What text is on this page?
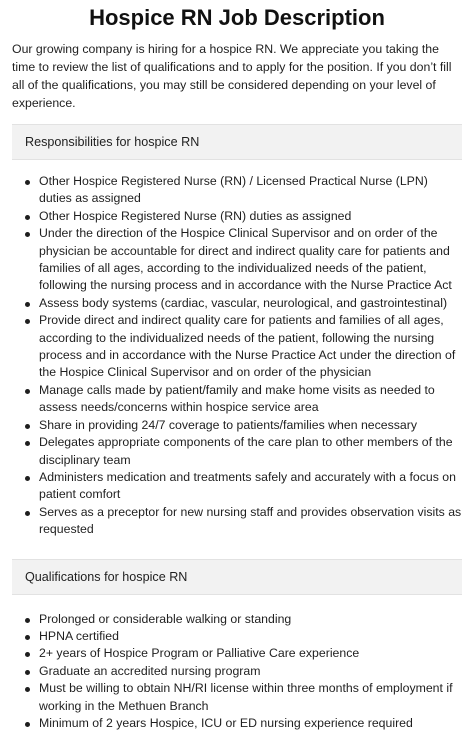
Hospice RN Job Description

Our growing company is hiring for a hospice RN. We appreciate you taking the time to review the list of qualifications and to apply for the position. If you don’t fill all of the qualifications, you may still be considered depending on your level of experience.

Responsibilities for hospice RN
Other Hospice Registered Nurse (RN) / Licensed Practical Nurse (LPN) duties as assigned
Other Hospice Registered Nurse (RN) duties as assigned
Under the direction of the Hospice Clinical Supervisor and on order of the physician be accountable for direct and indirect quality care for patients and families of all ages, according to the individualized needs of the patient, following the nursing process and in accordance with the Nurse Practice Act
Assess body systems (cardiac, vascular, neurological, and gastrointestinal)
Provide direct and indirect quality care for patients and families of all ages, according to the individualized needs of the patient, following the nursing process and in accordance with the Nurse Practice Act under the direction of the Hospice Clinical Supervisor and on order of the physician
Manage calls made by patient/family and make home visits as needed to assess needs/concerns within hospice service area
Share in providing 24/7 coverage to patients/families when necessary
Delegates appropriate components of the care plan to other members of the disciplinary team
Administers medication and treatments safely and accurately with a focus on patient comfort
Serves as a preceptor for new nursing staff and provides observation visits as requested
Qualifications for hospice RN
Prolonged or considerable walking or standing
HPNA certified
2+ years of Hospice Program or Palliative Care experience
Graduate an accredited nursing program
Must be willing to obtain NH/RI license within three months of employment if working in the Methuen Branch
Minimum of 2 years Hospice, ICU or ED nursing experience required
